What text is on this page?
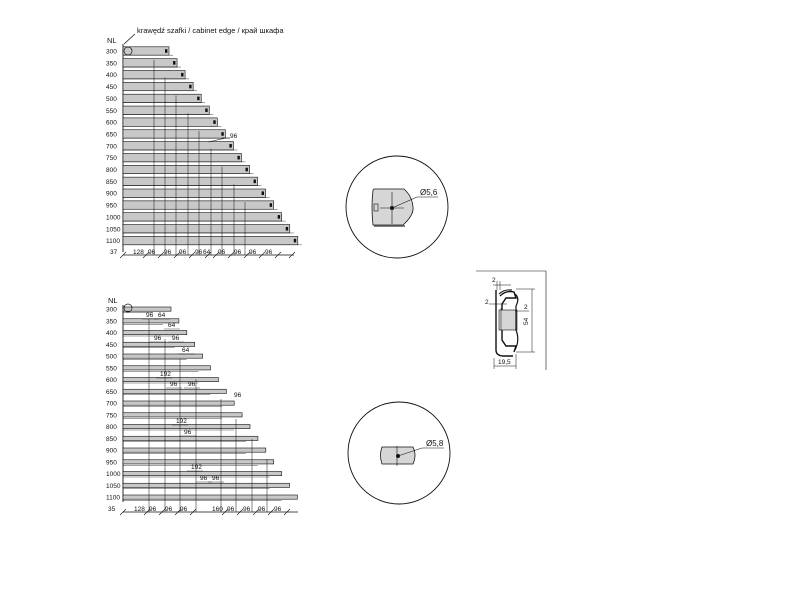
krawędź szafki / cabinet edge / край шкафа
NL
300
350
400
450
500
550
600
650
700
750
800
850
900
950
1000
1050
1100
37 128 96 96 96 96 64 96 96 96 96
96
NL
300
350
400
450
500
550
600
650
700
750
800
850
900
950
1000
1050
1100
96 64
64
96 96
64
192
96 96
192
96
192
96 96
96
35	128 96 96 96	160 96 96 96 96
Ø5,6
Ø5,8
2
2
2
54
19,5
